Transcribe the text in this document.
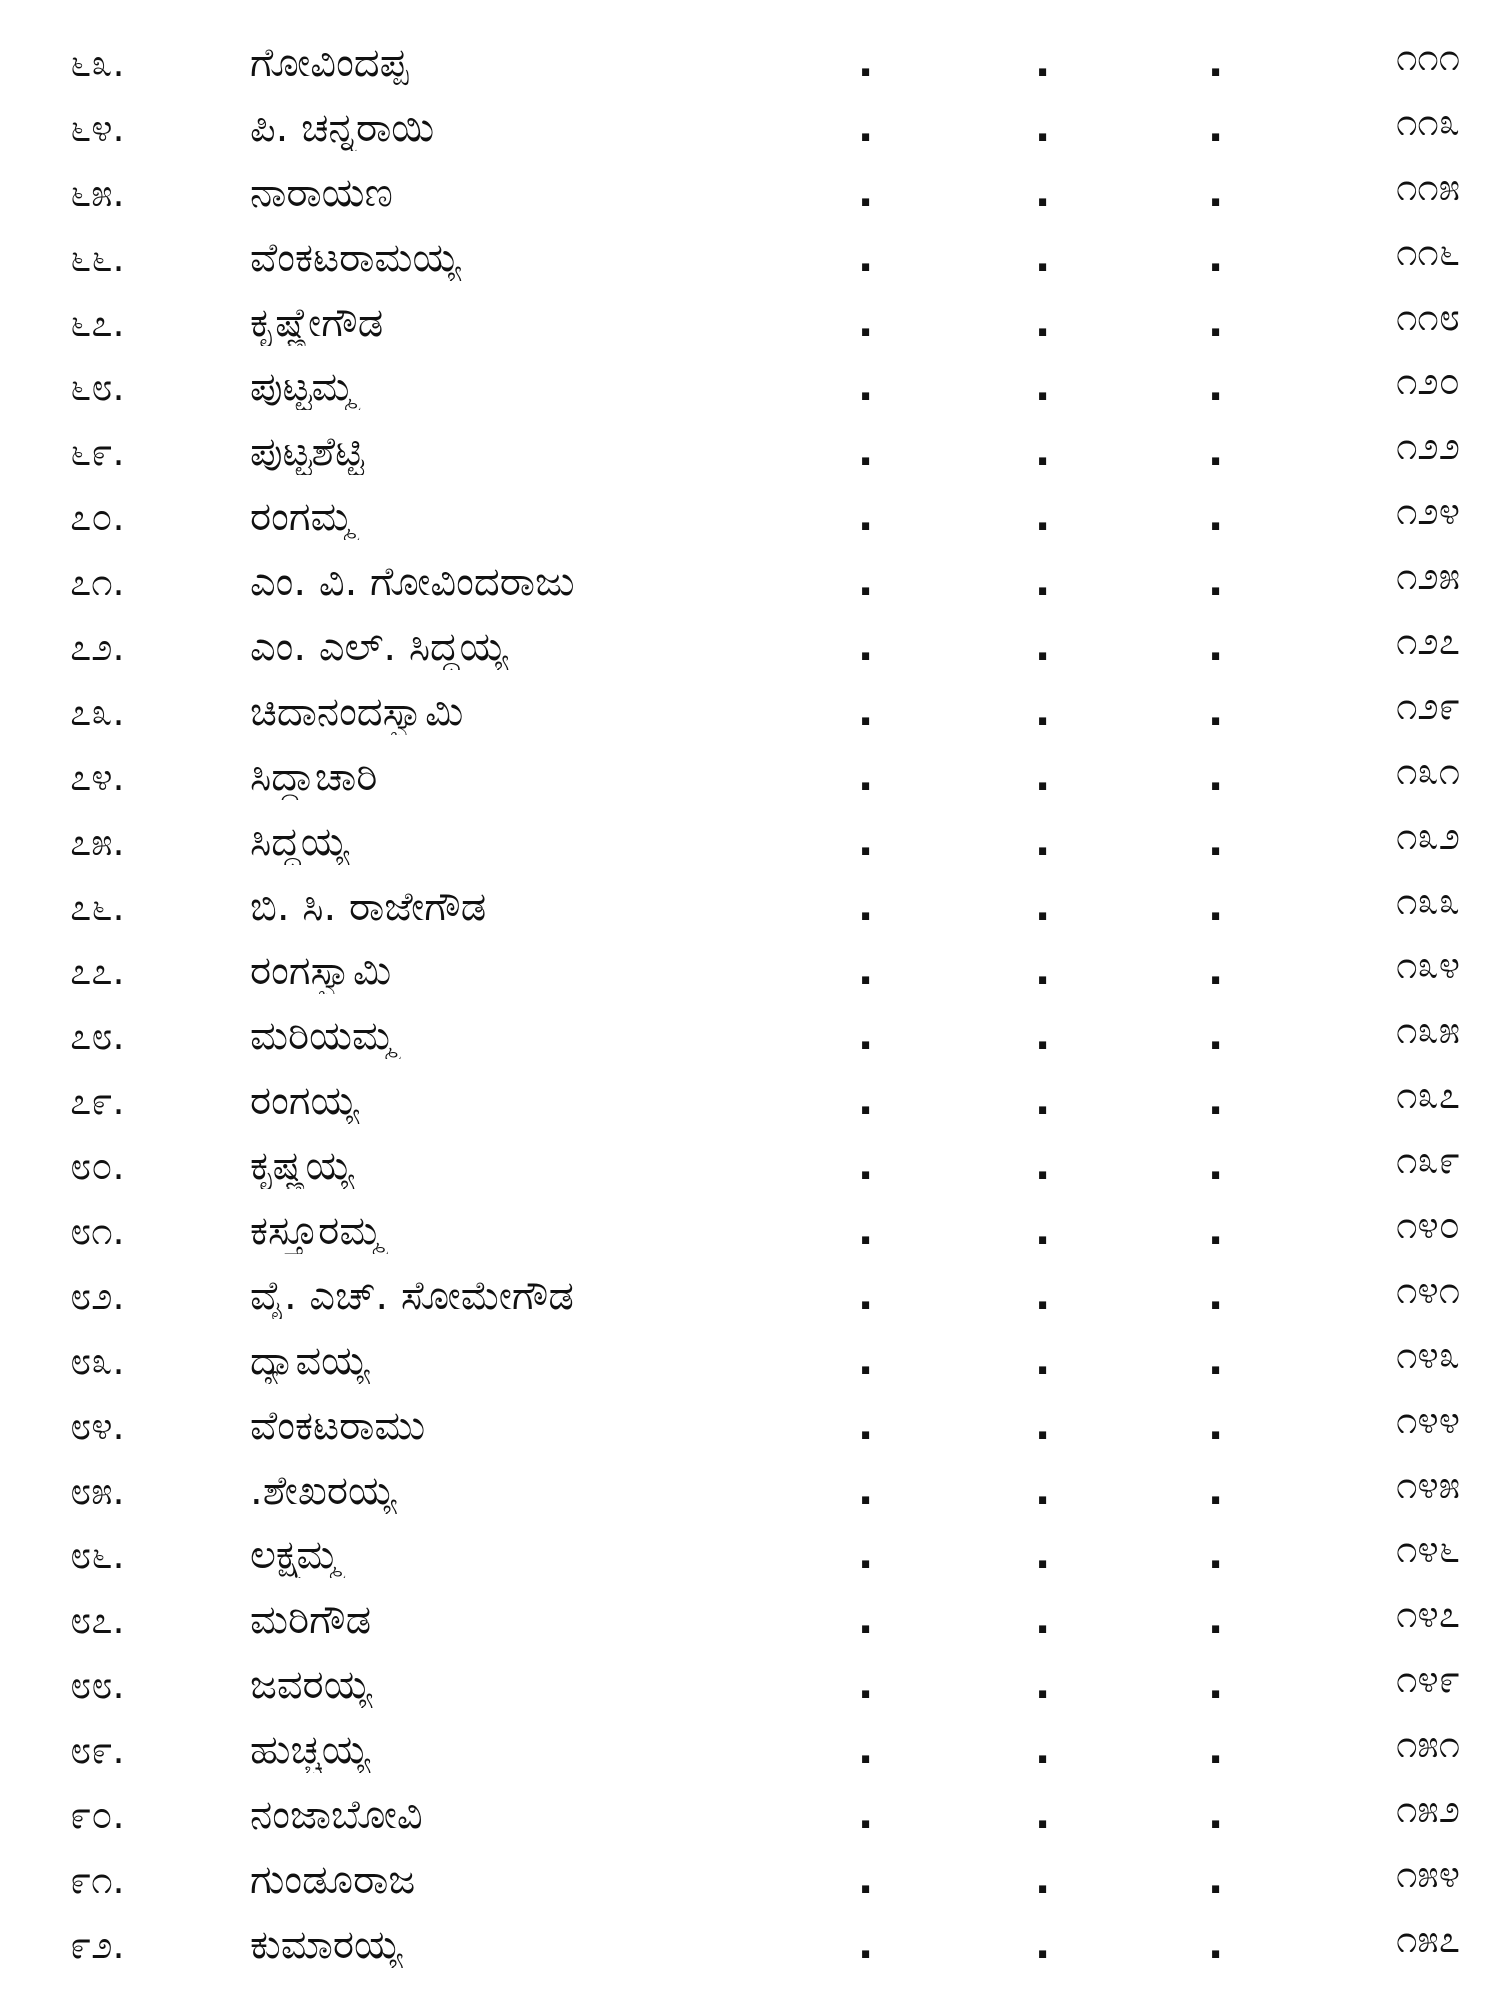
೬೩.	ಗೋವಿಂದಪ್ಪ	.	.	.	೧೧೧
೬೪.	ಪಿ. ಚನ್ನರಾಯಿ	.	.	.	೧೧೩
೬೫.	ನಾರಾಯಣ	.	.	.	೧೧೫
೬೬.	ವೆಂಕಟರಾಮಯ್ಯ	.	.	.	೧೧೬
೬೭.	ಕೃಷ್ಣೇಗೌಡ	.	.	.	೧೧೮
೬೮.	ಪುಟ್ಟಮ್ಮ	.	.	.	೧೨೦
೬೯.	ಪುಟ್ಟಶೆಟ್ಟಿ	.	.	.	೧೨೨
೭೦.	ರಂಗಮ್ಮ	.	.	.	೧೨೪
೭೧.	ಎಂ. ವಿ. ಗೋವಿಂದರಾಜು	.	.	.	೧೨೫
೭೨.	ಎಂ. ಎಲ್. ಸಿದ್ದಯ್ಯ	.	.	.	೧೨೭
೭೩.	ಚಿದಾನಂದಸ್ವಾಮಿ	.	.	.	೧೨೯
೭೪.	ಸಿದ್ದಾಚಾರಿ	.	.	.	೧೩೧
೭೫.	ಸಿದ್ದಯ್ಯ	.	.	.	೧೩೨
೭೬.	ಬಿ. ಸಿ. ರಾಜೇಗೌಡ	.	.	.	೧೩೩
೭೭.	ರಂಗಸ್ವಾಮಿ	.	.	.	೧೩೪
೭೮.	ಮರಿಯಮ್ಮ	.	.	.	೧೩೫
೭೯.	ರಂಗಯ್ಯ	.	.	.	೧೩೭
೮೦.	ಕೃಷ್ಣಯ್ಯ	.	.	.	೧೩೯
೮೧.	ಕಸ್ತೂರಮ್ಮ	.	.	.	೧೪೦
೮೨.	ವೈ. ಎಚ್. ಸೋಮೇಗೌಡ	.	.	.	೧೪೧
೮೩.	ದ್ಯಾವಯ್ಯ	.	.	.	೧೪೩
೮೪.	ವೆಂಕಟರಾಮು	.	.	.	೧೪೪
೮೫.	.ಶೇಖರಯ್ಯ	.	.	.	೧೪೫
೮೬.	ಲಕ್ಷ್ಮಮ್ಮ	.	.	.	೧೪೬
೮೭.	ಮರಿಗೌಡ	.	.	.	೧೪೭
೮೮.	ಜವರಯ್ಯ	.	.	.	೧೪೯
೮೯.	ಹುಚ್ಚಯ್ಯ	.	.	.	೧೫೧
೯೦.	ನಂಜಾಬೋವಿ	.	.	.	೧೫೨
೯೧.	ಗುಂಡೂರಾಜ	.	.	.	೧೫೪
೯೨.	ಕುಮಾರಯ್ಯ	.	.	.	೧೫೭
